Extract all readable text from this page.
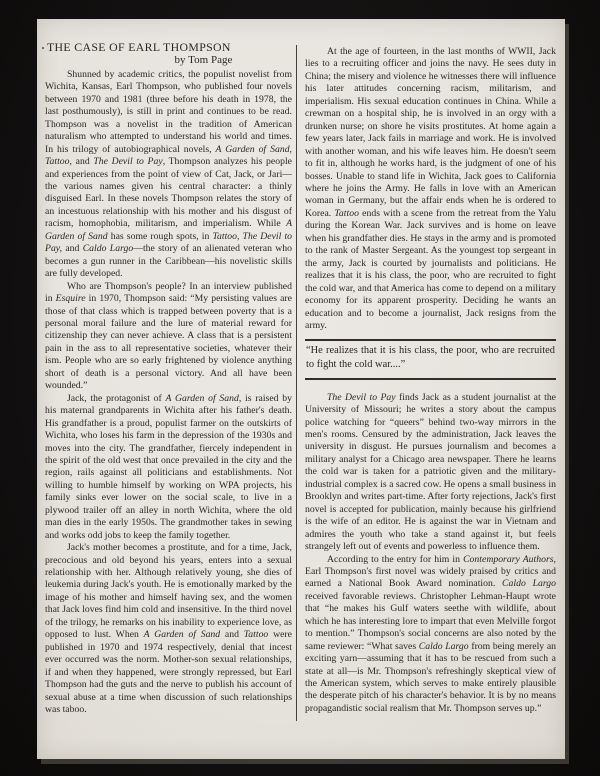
THE CASE OF EARL THOMPSON
by Tom Page

Shunned by academic critics, the populist novelist from Wichita, Kansas, Earl Thompson, who published four novels between 1970 and 1981 (three before his death in 1978, the last posthumously), is still in print and continues to be read. Thompson was a novelist in the tradition of American naturalism who attempted to understand his world and times. In his trilogy of autobiographical novels, A Garden of Sand, Tattoo, and The Devil to Pay, Thompson analyzes his people and experiences from the point of view of Cat, Jack, or Jari—the various names given his central character: a thinly disguised Earl. In these novels Thompson relates the story of an incestuous relationship with his mother and his disgust of racism, homophobia, militarism, and imperialism. While A Garden of Sand has some rough spots, in Tattoo, The Devil to Pay, and Caldo Largo—the story of an alienated veteran who becomes a gun runner in the Caribbean—his novelistic skills are fully developed.

Who are Thompson's people? In an interview published in Esquire in 1970, Thompson said: “My persisting values are those of that class which is trapped between poverty that is a personal moral failure and the lure of material reward for citizenship they can never achieve. A class that is a persistent pain in the ass to all representative societies, whatever their ism. People who are so early frightened by violence anything short of death is a personal victory. And all have been wounded.”

Jack, the protagonist of A Garden of Sand, is raised by his maternal grandparents in Wichita after his father's death. His grandfather is a proud, populist farmer on the outskirts of Wichita, who loses his farm in the depression of the 1930s and moves into the city. The grandfather, fiercely independent in the spirit of the old west that once prevailed in the city and the region, rails against all politicians and establishments. Not willing to humble himself by working on WPA projects, his family sinks ever lower on the social scale, to live in a plywood trailer off an alley in north Wichita, where the old man dies in the early 1950s. The grandmother takes in sewing and works odd jobs to keep the family together.

Jack's mother becomes a prostitute, and for a time, Jack, precocious and old beyond his years, enters into a sexual relationship with her. Although relatively young, she dies of leukemia during Jack's youth. He is emotionally marked by the image of his mother and himself having sex, and the women that Jack loves find him cold and insensitive. In the third novel of the trilogy, he remarks on his inability to experience love, as opposed to lust. When A Garden of Sand and Tattoo were published in 1970 and 1974 respectively, denial that incest ever occurred was the norm. Mother-son sexual relationships, if and when they happened, were strongly repressed, but Earl Thompson had the guts and the nerve to publish his account of sexual abuse at a time when discussion of such relationships was taboo.

At the age of fourteen, in the last months of WWII, Jack lies to a recruiting officer and joins the navy. He sees duty in China; the misery and violence he witnesses there will influence his later attitudes concerning racism, militarism, and imperialism. His sexual education continues in China. While a crewman on a hospital ship, he is involved in an orgy with a drunken nurse; on shore he visits prostitutes. At home again a few years later, Jack fails in marriage and work. He is involved with another woman, and his wife leaves him. He doesn't seem to fit in, although he works hard, is the judgment of one of his bosses. Unable to stand life in Wichita, Jack goes to California where he joins the Army. He falls in love with an American woman in Germany, but the affair ends when he is ordered to Korea. Tattoo ends with a scene from the retreat from the Yalu during the Korean War. Jack survives and is home on leave when his grandfather dies. He stays in the army and is promoted to the rank of Master Sergeant. As the youngest top sergeant in the army, Jack is courted by journalists and politicians. He realizes that it is his class, the poor, who are recruited to fight the cold war, and that America has come to depend on a military economy for its apparent prosperity. Deciding he wants an education and to become a journalist, Jack resigns from the army.

“He realizes that it is his class, the poor, who are recruited to fight the cold war....”

The Devil to Pay finds Jack as a student journalist at the University of Missouri; he writes a story about the campus police watching for “queers” behind two-way mirrors in the men's rooms. Censured by the administration, Jack leaves the university in disgust. He pursues journalism and becomes a military analyst for a Chicago area newspaper. There he learns the cold war is taken for a patriotic given and the military-industrial complex is a sacred cow. He opens a small business in Brooklyn and writes part-time. After forty rejections, Jack's first novel is accepted for publication, mainly because his girlfriend is the wife of an editor. He is against the war in Vietnam and admires the youth who take a stand against it, but feels strangely left out of events and powerless to influence them.

According to the entry for him in Contemporary Authors, Earl Thompson's first novel was widely praised by critics and earned a National Book Award nomination. Caldo Largo received favorable reviews. Christopher Lehman-Haupt wrote that “he makes his Gulf waters seethe with wildlife, about which he has interesting lore to impart that even Melville forgot to mention.” Thompson's social concerns are also noted by the same reviewer: “What saves Caldo Largo from being merely an exciting yarn—assuming that it has to be rescued from such a state at all—is Mr. Thompson's refreshingly skeptical view of the American system, which serves to make entirely plausible the desperate pitch of his character's behavior. It is by no means propagandistic social realism that Mr. Thompson serves up.”
